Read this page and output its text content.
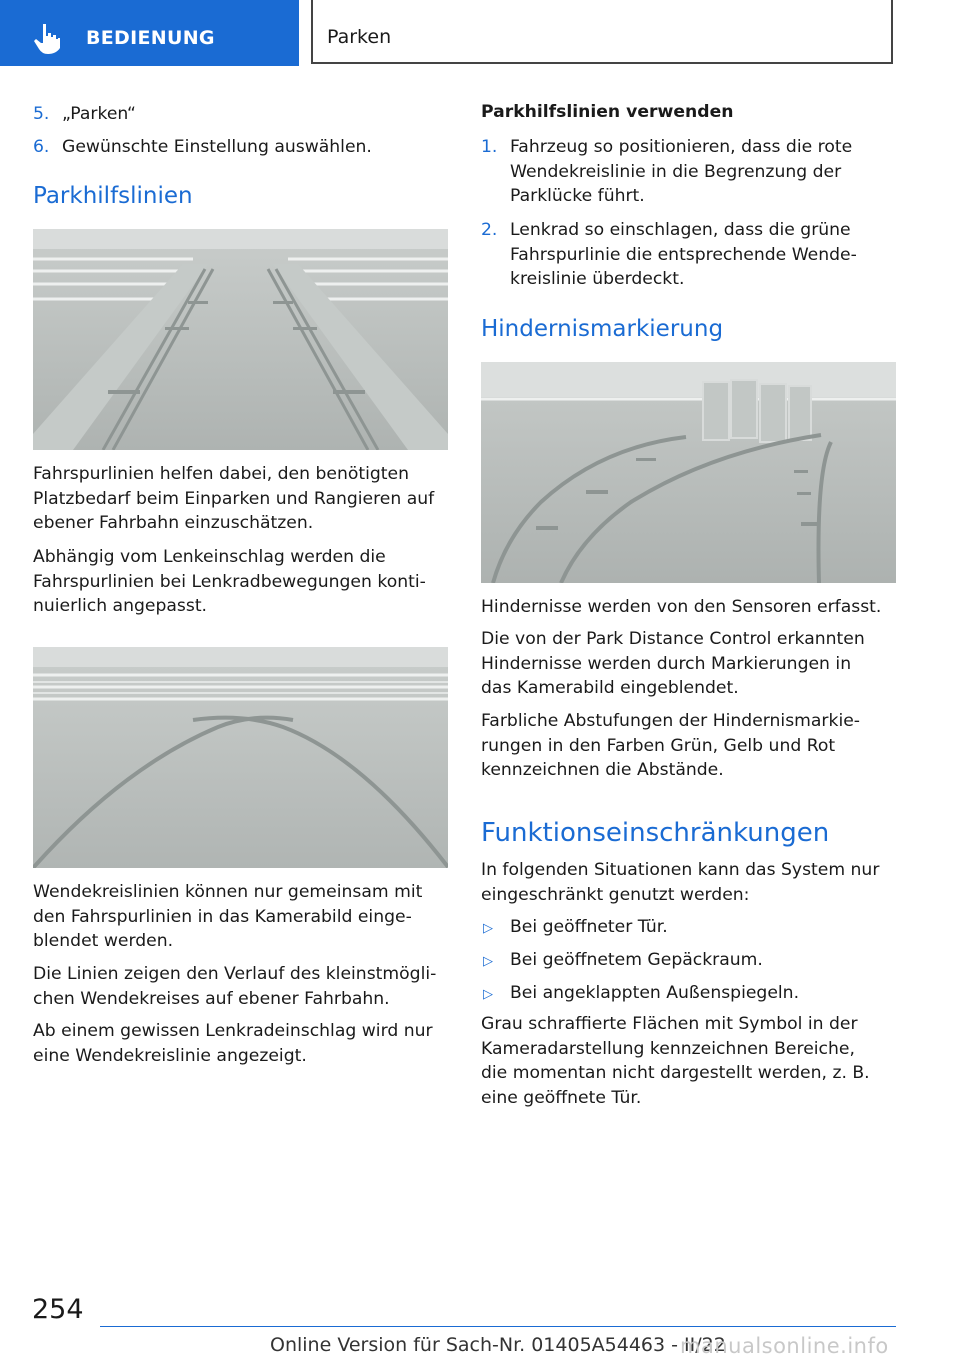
BEDIENUNG	Parken
5. „Parken“
6. Gewünschte Einstellung auswählen.
Parkhilfslinien
Fahrspurlinien helfen dabei, den benötigten
Platzbedarf beim Einparken und Rangieren auf
ebener Fahrbahn einzuschätzen.
Abhängig vom Lenkeinschlag werden die
Fahrspurlinien bei Lenkradbewegungen konti-
nuierlich angepasst.
Wendekreislinien können nur gemeinsam mit
den Fahrspurlinien in das Kamerabild einge-
blendet werden.
Die Linien zeigen den Verlauf des kleinstmögli-
chen Wendekreises auf ebener Fahrbahn.
Ab einem gewissen Lenkradeinschlag wird nur
eine Wendekreislinie angezeigt.
Parkhilfslinien verwenden
1. Fahrzeug so positionieren, dass die rote
Wendekreislinie in die Begrenzung der
Parklücke führt.
2. Lenkrad so einschlagen, dass die grüne
Fahrspurlinie die entsprechende Wende-
kreislinie überdeckt.
Hindernismarkierung
Hindernisse werden von den Sensoren erfasst.
Die von der Park Distance Control erkannten
Hindernisse werden durch Markierungen in
das Kamerabild eingeblendet.
Farbliche Abstufungen der Hindernismarkie-
rungen in den Farben Grün, Gelb und Rot
kennzeichnen die Abstände.
Funktionseinschränkungen
In folgenden Situationen kann das System nur
eingeschränkt genutzt werden:
▷ Bei geöffneter Tür.
▷ Bei geöffnetem Gepäckraum.
▷ Bei angeklappten Außenspiegeln.
Grau schraffierte Flächen mit Symbol in der
Kameradarstellung kennzeichnen Bereiche,
die momentan nicht dargestellt werden, z. B.
eine geöffnete Tür.
254
Online Version für Sach-Nr. 01405A54463 - II/22
manualsonline.info
